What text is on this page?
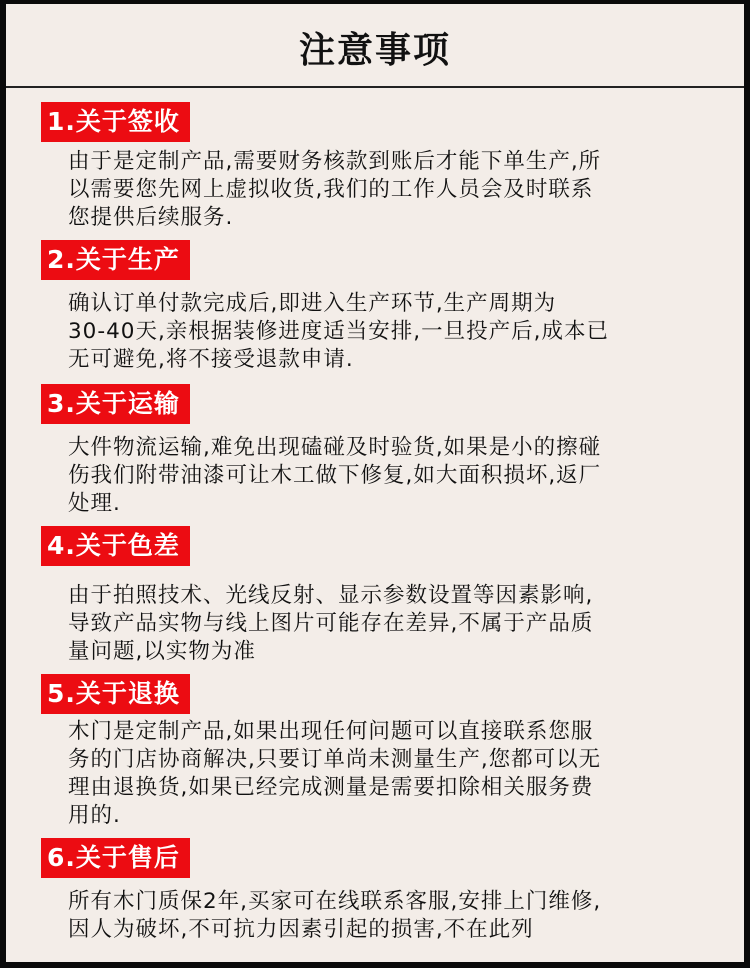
注意事项
1.关于签收
由于是定制产品,需要财务核款到账后才能下单生产,所
以需要您先网上虚拟收货,我们的工作人员会及时联系
您提供后续服务.
2.关于生产
确认订单付款完成后,即进入生产环节,生产周期为
30-40天,亲根据装修进度适当安排,一旦投产后,成本已
无可避免,将不接受退款申请.
3.关于运输
大件物流运输,难免出现磕碰及时验货,如果是小的擦碰
伤我们附带油漆可让木工做下修复,如大面积损坏,返厂
处理.
4.关于色差
由于拍照技术、光线反射、显示参数设置等因素影响,
导致产品实物与线上图片可能存在差异,不属于产品质
量问题,以实物为准
5.关于退换
木门是定制产品,如果出现任何问题可以直接联系您服
务的门店协商解决,只要订单尚未测量生产,您都可以无
理由退换货,如果已经完成测量是需要扣除相关服务费
用的.
6.关于售后
所有木门质保2年,买家可在线联系客服,安排上门维修,
因人为破坏,不可抗力因素引起的损害,不在此列
